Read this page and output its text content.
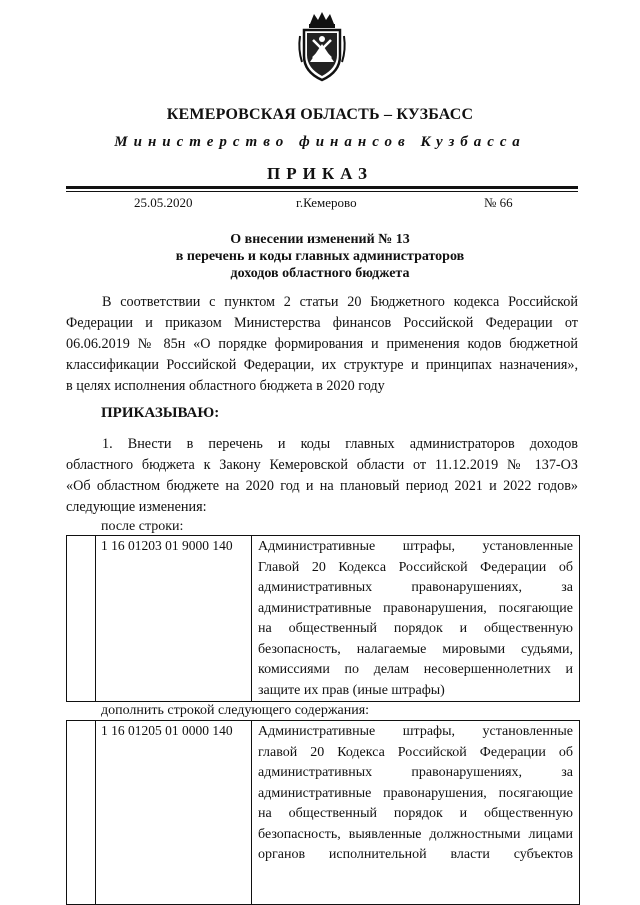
КЕМЕРОВСКАЯ ОБЛАСТЬ – КУЗБАСС
Министерство финансов Кузбасса
ПРИКАЗ
25.05.2020	г.Кемерово	№ 66
О внесении изменений № 13
в перечень и коды главных администраторов
доходов областного бюджета
В соответствии с пунктом 2 статьи 20 Бюджетного кодекса Российской
Федерации и приказом Министерства финансов Российской Федерации от
06.06.2019 № 85н «О порядке формирования и применения кодов бюджетной
классификации Российской Федерации, их структуре и принципах назначения»,
в целях исполнения областного бюджета в 2020 году
ПРИКАЗЫВАЮ:
1. Внести в перечень и коды главных администраторов доходов
областного бюджета к Закону Кемеровской области от 11.12.2019 № 137-ОЗ
«Об областном бюджете на 2020 год и на плановый период 2021 и 2022 годов»
следующие изменения:
после строки:
	1 16 01203 01 9000 140	Административные штрафы, установленные
Главой 20 Кодекса Российской Федерации об
административных правонарушениях, за
административные правонарушения, посягающие
на общественный порядок и общественную
безопасность, налагаемые мировыми судьями,
комиссиями по делам несовершеннолетних и
защите их прав (иные штрафы)
дополнить строкой следующего содержания:
	1 16 01205 01 0000 140	Административные штрафы, установленные
главой 20 Кодекса Российской Федерации об
административных правонарушениях, за
административные правонарушения, посягающие
на общественный порядок и общественную
безопасность, выявленные должностными лицами
органов исполнительной власти субъектов
